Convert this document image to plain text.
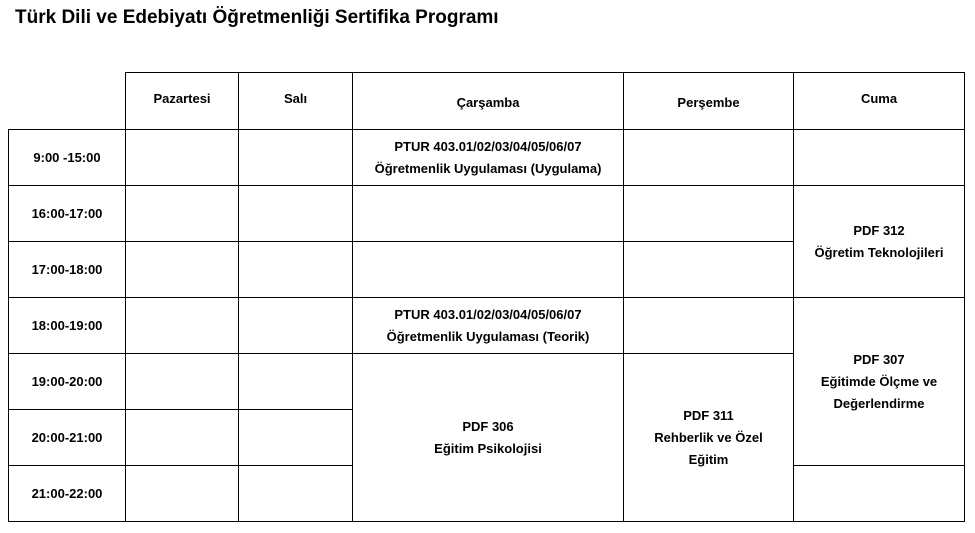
Türk Dili ve Edebiyatı Öğretmenliği Sertifika Programı

	Pazartesi	Salı	Çarşamba	Perşembe	Cuma

9:00 -15:00			PTUR 403.01/02/03/04/05/06/07
Öğretmenlik Uygulaması (Uygulama)		

16:00-17:00					PDF 312
Öğretim Teknolojileri

17:00-18:00					
18:00-19:00			PTUR 403.01/02/03/04/05/06/07
Öğretmenlik Uygulaması (Teorik)		PDF 307
Eğitimde Ölçme ve
Değerlendirme

19:00-20:00			PDF 306
Eğitim Psikolojisi	PDF 311
Rehberlik ve Özel
Eğitim	

20:00-21:00					
21:00-22:00					
